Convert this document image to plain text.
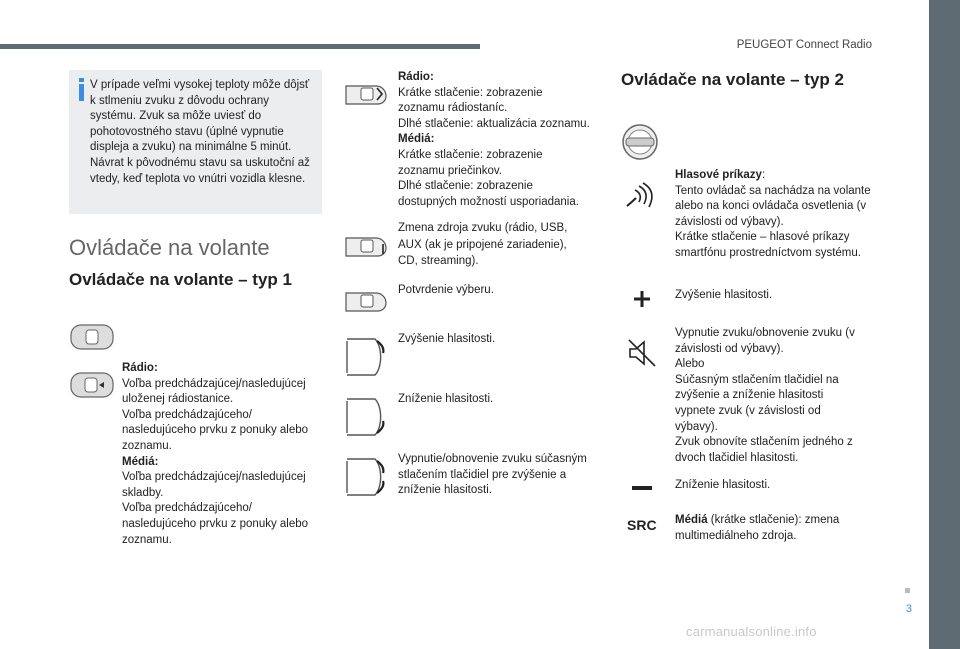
PEUGEOT Connect Radio
V prípade veľmi vysokej teploty môže dôjsť k stlmeniu zvuku z dôvodu ochrany systému. Zvuk sa môže uviesť do pohotovostného stavu (úplné vypnutie displeja a zvuku) na minimálne 5 minút. Návrat k pôvodnému stavu sa uskutoční až vtedy, keď teplota vo vnútri vozidla klesne.
Ovládače na volante
Ovládače na volante – typ 1
Rádio:
Voľba predchádzajúcej/nasledujúcej uloženej rádiostanice.
Voľba predchádzajúceho/ nasledujúceho prvku z ponuky alebo zoznamu.
Médiá:
Voľba predchádzajúcej/nasledujúcej skladby.
Voľba predchádzajúceho/ nasledujúceho prvku z ponuky alebo zoznamu.
Rádio:
Krátke stlačenie: zobrazenie zoznamu rádiostaníc.
Dlhé stlačenie: aktualizácia zoznamu.
Médiá:
Krátke stlačenie: zobrazenie zoznamu priečinkov.
Dlhé stlačenie: zobrazenie dostupných možností usporiadania.
Zmena zdroja zvuku (rádio, USB, AUX (ak je pripojené zariadenie), CD, streaming).
Potvrdenie výberu.
Zvýšenie hlasitosti.
Zníženie hlasitosti.
Vypnutie/obnovenie zvuku súčasným stlačením tlačidiel pre zvýšenie a zníženie hlasitosti.
Ovládače na volante – typ 2
SRC
Hlasové príkazy:
Tento ovládač sa nachádza na volante alebo na konci ovládača osvetlenia (v závislosti od výbavy).
Krátke stlačenie – hlasové príkazy smartfónu prostredníctvom systému.
Zvýšenie hlasitosti.
Vypnutie zvuku/obnovenie zvuku (v závislosti od výbavy).
Alebo
Súčasným stlačením tlačidiel na zvýšenie a zníženie hlasitosti vypnete zvuk (v závislosti od výbavy).
Zvuk obnovíte stlačením jedného z dvoch tlačidiel hlasitosti.
Zníženie hlasitosti.
Médiá (krátke stlačenie): zmena multimediálneho zdroja.
3
carmanualsonline.info
